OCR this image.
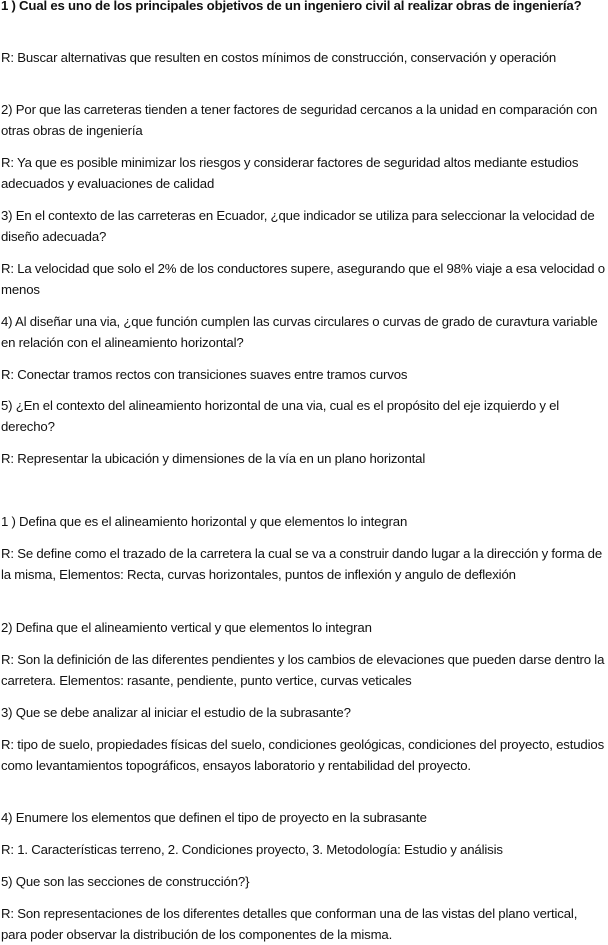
1 ) Cual es uno de los principales objetivos de un ingeniero civil al realizar obras de ingeniería?

R: Buscar alternativas que resulten en costos mínimos de construcción, conservación y operación

2) Por que las carreteras tienden a tener factores de seguridad cercanos a la unidad en comparación con otras obras de ingeniería

R: Ya que es posible minimizar los riesgos y considerar factores de seguridad altos mediante estudios adecuados y evaluaciones de calidad

3) En el contexto de las carreteras en Ecuador, ¿que indicador se utiliza para seleccionar la velocidad de diseño adecuada?

R: La velocidad que solo el 2% de los conductores supere, asegurando que el 98% viaje a esa velocidad o menos

4) Al diseñar una via, ¿que función cumplen las curvas circulares o curvas de grado de curavtura variable en relación con el alineamiento horizontal?

R: Conectar tramos rectos con transiciones suaves entre tramos curvos

5) ¿En el contexto del alineamiento horizontal de una via, cual es el propósito del eje izquierdo y el derecho?

R: Representar la ubicación y dimensiones de la vía en un plano horizontal

1 ) Defina que es el alineamiento horizontal y que elementos lo integran

R: Se define como el trazado de la carretera la cual se va a construir dando lugar a la dirección y forma de la misma, Elementos: Recta, curvas horizontales, puntos de inflexión y angulo de deflexión

2) Defina que el alineamiento vertical y que elementos lo integran

R: Son la definición de las diferentes pendientes y los cambios de elevaciones que pueden darse dentro la carretera. Elementos: rasante, pendiente, punto vertice, curvas veticales

3) Que se debe analizar al iniciar el estudio de la subrasante?

R: tipo de suelo, propiedades físicas del suelo, condiciones geológicas, condiciones del proyecto, estudios como levantamientos topográficos, ensayos laboratorio y rentabilidad del proyecto.

4) Enumere los elementos que definen el tipo de proyecto en la subrasante

R: 1. Características terreno, 2. Condiciones proyecto, 3. Metodología: Estudio y análisis

5) Que son las secciones de construcción?}

R: Son representaciones de los diferentes detalles que conforman una de las vistas del plano vertical, para poder observar la distribución de los componentes de la misma.
